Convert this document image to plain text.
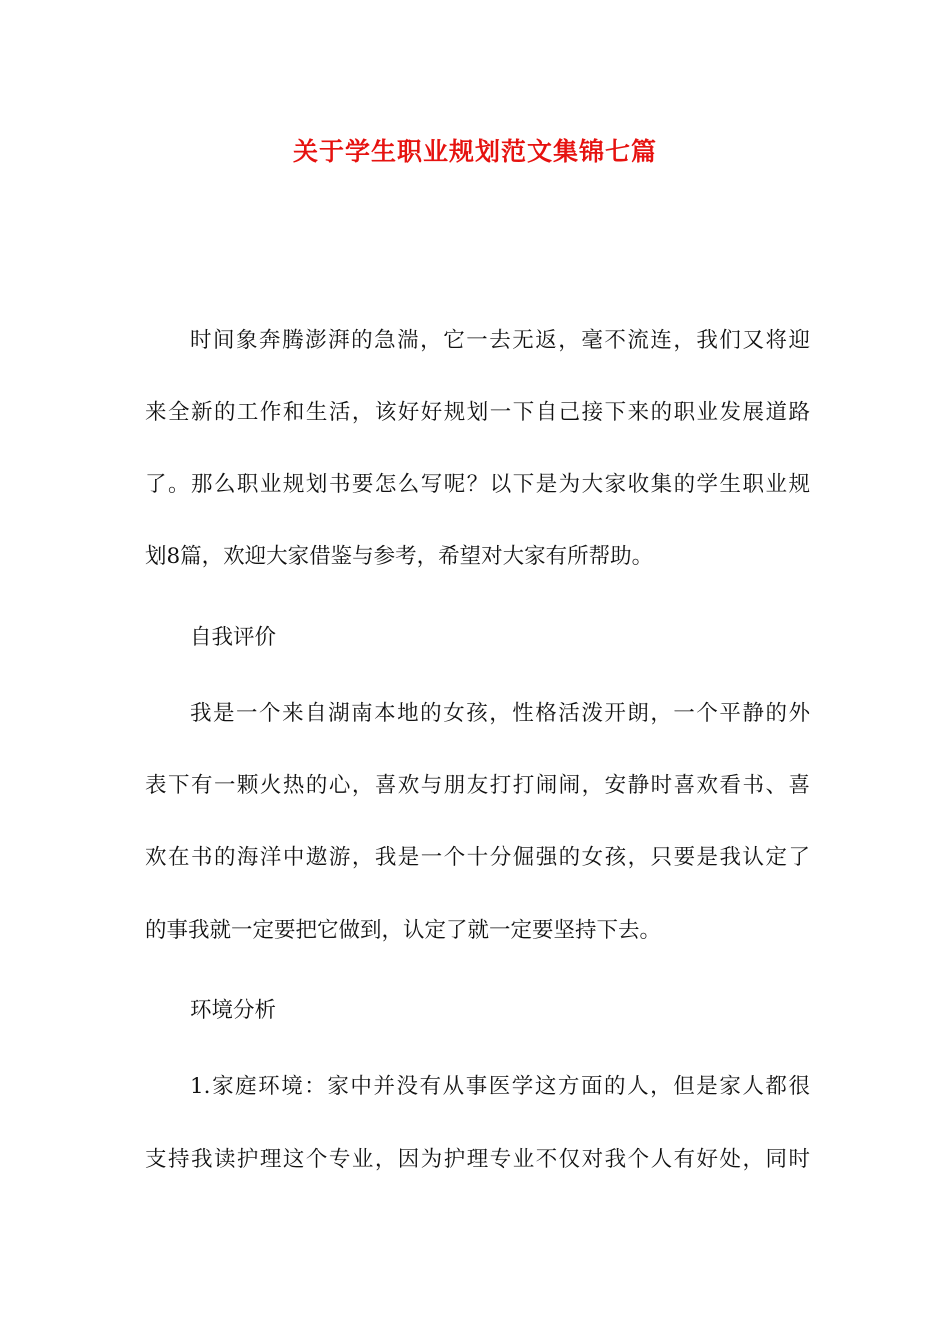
关于学生职业规划范文集锦七篇
时间象奔腾澎湃的急湍，它一去无返，毫不流连，我们又将迎
来全新的工作和生活，该好好规划一下自己接下来的职业发展道路
了。那么职业规划书要怎么写呢？以下是为大家收集的学生职业规
划8篇，欢迎大家借鉴与参考，希望对大家有所帮助。
自我评价
我是一个来自湖南本地的女孩，性格活泼开朗，一个平静的外
表下有一颗火热的心，喜欢与朋友打打闹闹，安静时喜欢看书、喜
欢在书的海洋中遨游，我是一个十分倔强的女孩，只要是我认定了
的事我就一定要把它做到，认定了就一定要坚持下去。
环境分析
1.家庭环境：家中并没有从事医学这方面的人，但是家人都很
支持我读护理这个专业，因为护理专业不仅对我个人有好处，同时
